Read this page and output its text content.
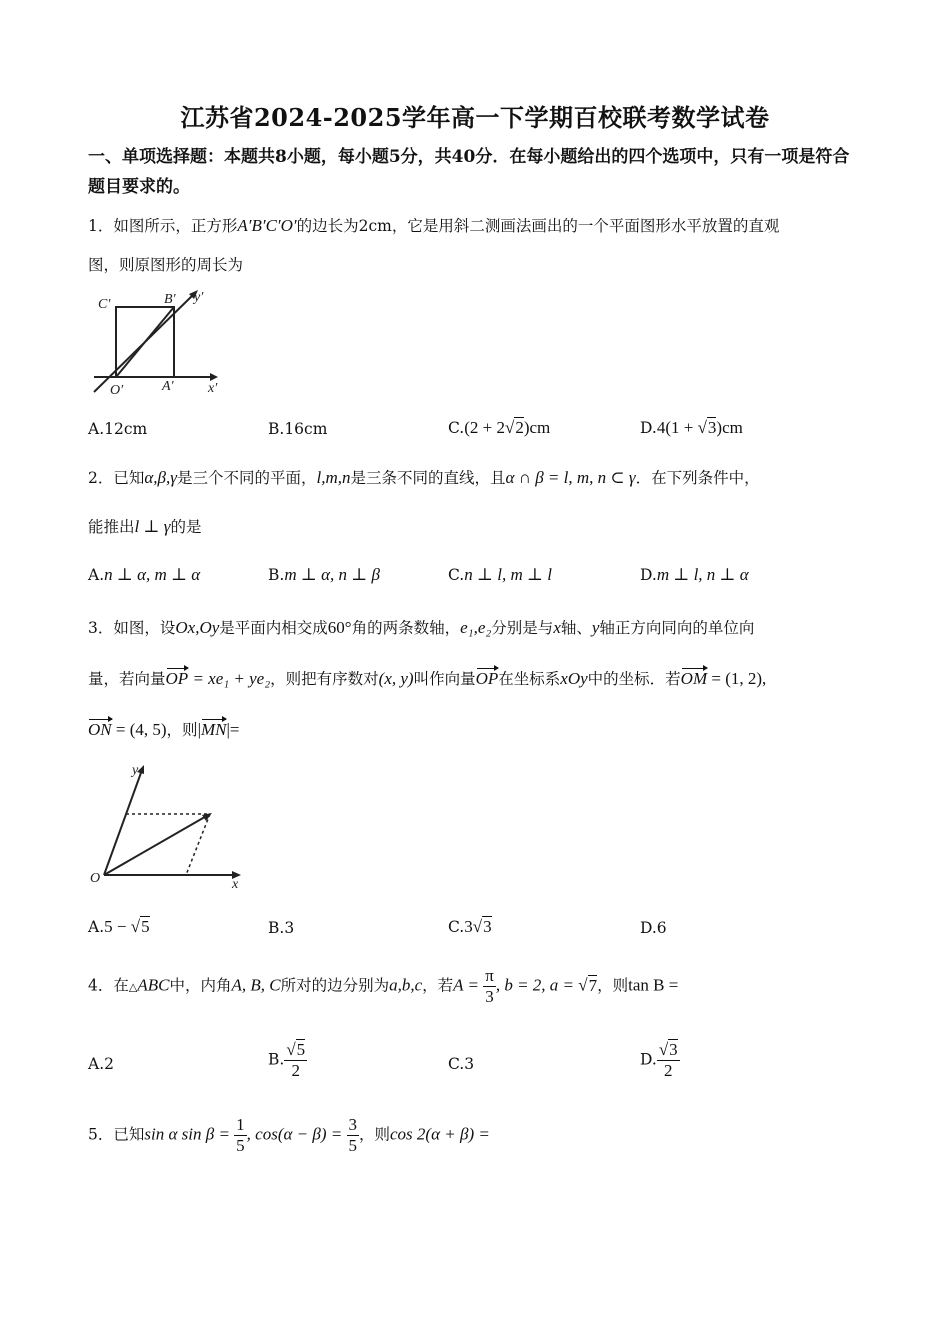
江苏省2024-2025学年高一下学期百校联考数学试卷
一、单项选择题：本题共8小题，每小题5分，共40分．在每小题给出的四个选项中，只有一项是符合题目要求的。
1．如图所示，正方形A′B′C′O′的边长为2cm，它是用斜二测画法画出的一个平面图形水平放置的直观
图，则原图形的周长为
C′	B′ y′
O′	A′ x′
A.12cm	B.16cm	C.(2 + 2√2)cm	D.4(1 + √3)cm
2．已知α,β,γ是三个不同的平面，l,m,n是三条不同的直线，且α ∩ β = l, m, n ⊂ γ．在下列条件中，
能推出l ⊥ γ的是
A.n ⊥ α, m ⊥ α	B.m ⊥ α, n ⊥ β	C.n ⊥ l, m ⊥ l	D.m ⊥ l, n ⊥ α
3．如图，设Ox,Oy是平面内相交成60°角的两条数轴，e₁,e₂分别是与x轴、y轴正方向同向的单位向
量，若向量OP = xe₁ + ye₂，则把有序数对(x, y)叫作向量OP在坐标系xOy中的坐标．若OM = (1, 2),
ON = (4, 5)，则|MN|=
y
O	x
A.5 − √5	B.3	C.3√3	D.6
4．在△ABC中，内角A, B, C所对的边分别为a,b,c，若$A = \frac{\pi}{3}$ , b = 2, a = √7，则tan B =
A.2	B. $\frac{√5}{2}$	C.3	D. $\frac{√3}{2}$
5．已知sin α $\sin \beta = \frac{1}{5}$ , $\cos(\alpha - \beta) = \frac{3}{5}$ ，则cos 2(α + β) =
